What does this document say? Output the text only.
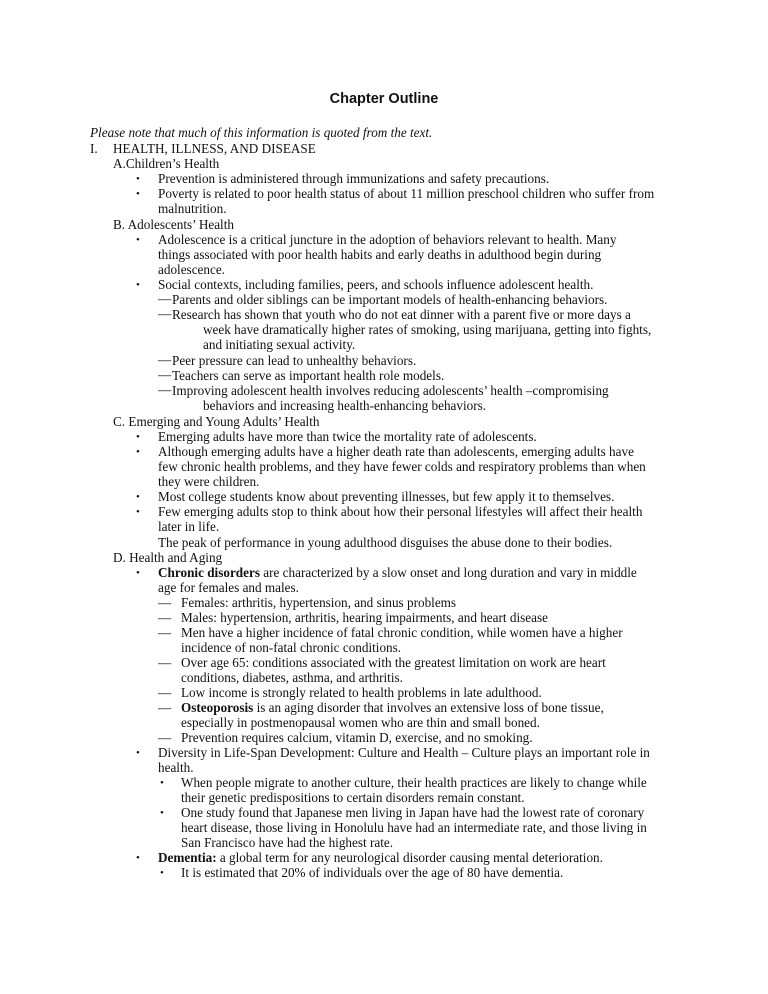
Chapter Outline
Please note that much of this information is quoted from the text.
I. HEALTH, ILLNESS, AND DISEASE
A.Children’s Health
• Prevention is administered through immunizations and safety precautions.
• Poverty is related to poor health status of about 11 million preschool children who suffer from
malnutrition.
B. Adolescents’ Health
• Adolescence is a critical juncture in the adoption of behaviors relevant to health. Many
things associated with poor health habits and early deaths in adulthood begin during
adolescence.
• Social contexts, including families, peers, and schools influence adolescent health.
— Parents and older siblings can be important models of health-enhancing behaviors.
— Research has shown that youth who do not eat dinner with a parent five or more days a
week have dramatically higher rates of smoking, using marijuana, getting into fights,
and initiating sexual activity.
— Peer pressure can lead to unhealthy behaviors.
— Teachers can serve as important health role models.
— Improving adolescent health involves reducing adolescents’ health –compromising
behaviors and increasing health-enhancing behaviors.
C. Emerging and Young Adults’ Health
• Emerging adults have more than twice the mortality rate of adolescents.
• Although emerging adults have a higher death rate than adolescents, emerging adults have
few chronic health problems, and they have fewer colds and respiratory problems than when
they were children.
• Most college students know about preventing illnesses, but few apply it to themselves.
• Few emerging adults stop to think about how their personal lifestyles will affect their health
later in life.
The peak of performance in young adulthood disguises the abuse done to their bodies.
D. Health and Aging
• Chronic disorders are characterized by a slow onset and long duration and vary in middle
age for females and males.
— Females: arthritis, hypertension, and sinus problems
— Males: hypertension, arthritis, hearing impairments, and heart disease
— Men have a higher incidence of fatal chronic condition, while women have a higher
incidence of non-fatal chronic conditions.
— Over age 65: conditions associated with the greatest limitation on work are heart
conditions, diabetes, asthma, and arthritis.
— Low income is strongly related to health problems in late adulthood.
— Osteoporosis is an aging disorder that involves an extensive loss of bone tissue,
especially in postmenopausal women who are thin and small boned.
— Prevention requires calcium, vitamin D, exercise, and no smoking.
• Diversity in Life-Span Development: Culture and Health – Culture plays an important role in
health.
• When people migrate to another culture, their health practices are likely to change while
their genetic predispositions to certain disorders remain constant.
• One study found that Japanese men living in Japan have had the lowest rate of coronary
heart disease, those living in Honolulu have had an intermediate rate, and those living in
San Francisco have had the highest rate.
• Dementia: a global term for any neurological disorder causing mental deterioration.
• It is estimated that 20% of individuals over the age of 80 have dementia.
